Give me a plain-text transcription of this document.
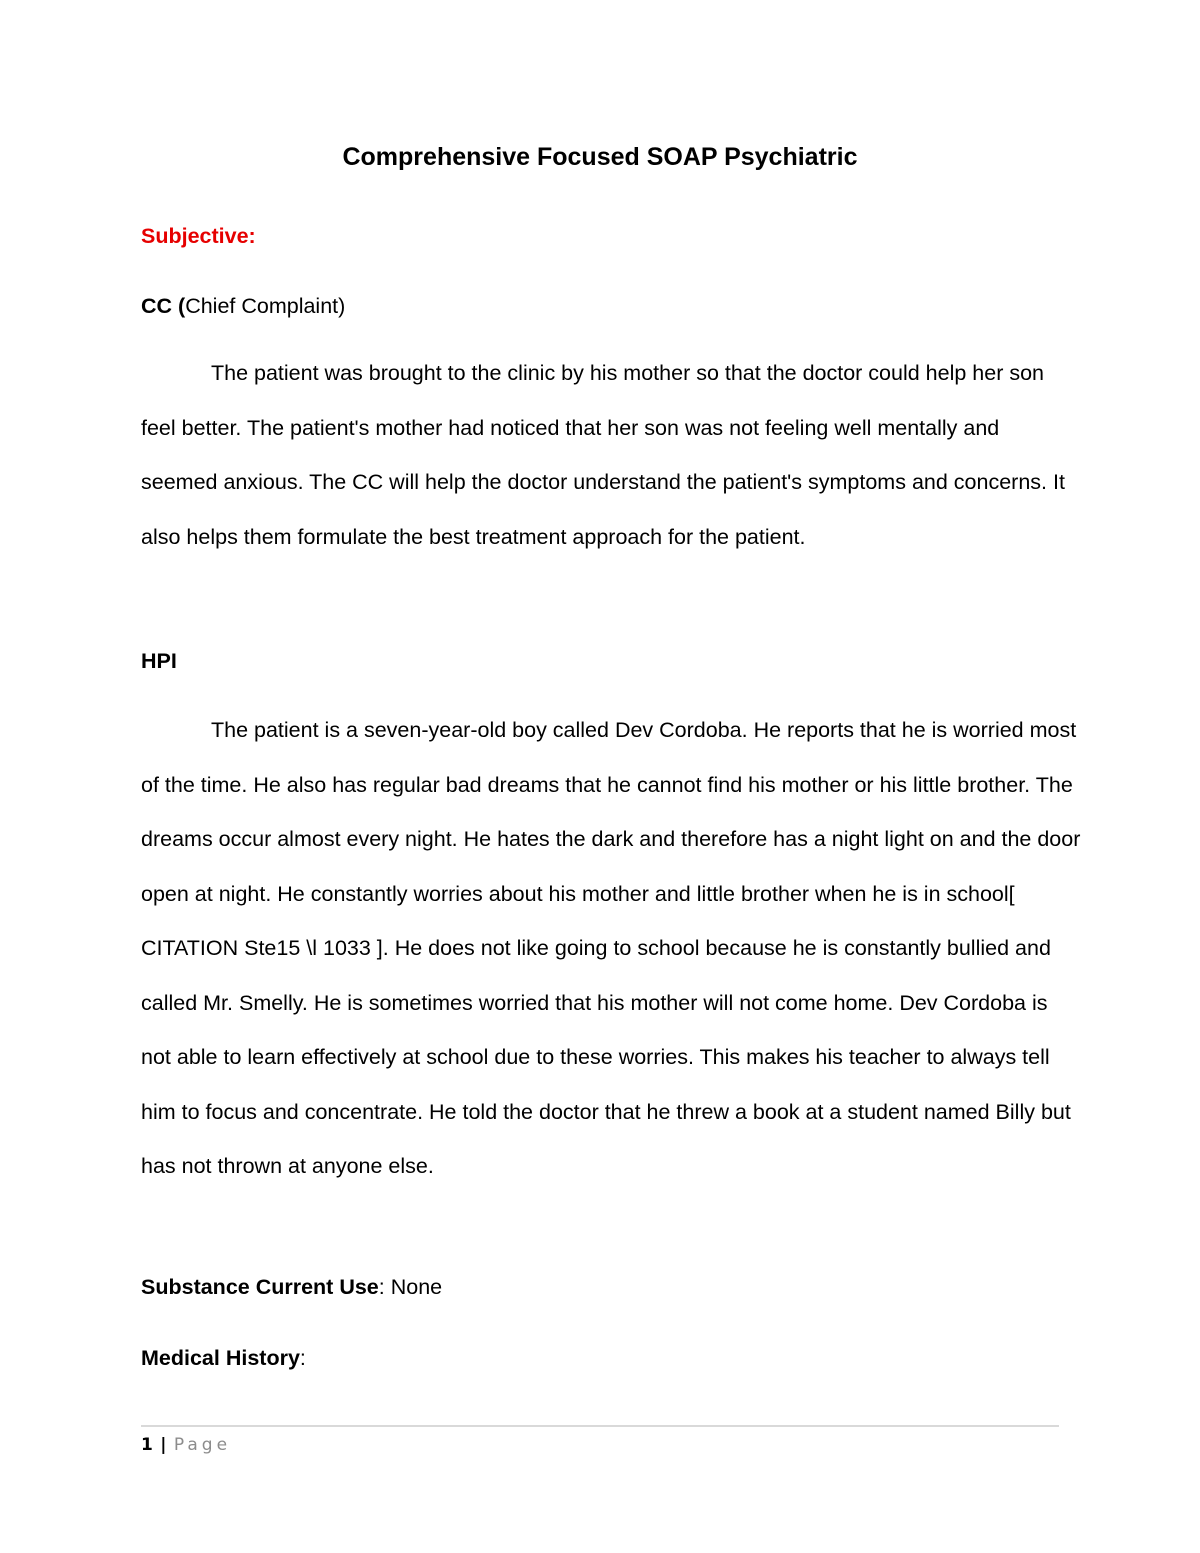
Comprehensive Focused SOAP Psychiatric
Subjective:
CC (Chief Complaint)
The patient was brought to the clinic by his mother so that the doctor could help her son feel better. The patient's mother had noticed that her son was not feeling well mentally and seemed anxious. The CC will help the doctor understand the patient's symptoms and concerns. It also helps them formulate the best treatment approach for the patient.
HPI
The patient is a seven-year-old boy called Dev Cordoba. He reports that he is worried most of the time. He also has regular bad dreams that he cannot find his mother or his little brother. The dreams occur almost every night. He hates the dark and therefore has a night light on and the door open at night. He constantly worries about his mother and little brother when he is in school[ CITATION Ste15 \l 1033 ]. He does not like going to school because he is constantly bullied and called Mr. Smelly. He is sometimes worried that his mother will not come home. Dev Cordoba is not able to learn effectively at school due to these worries. This makes his teacher to always tell him to focus and concentrate. He told the doctor that he threw a book at a student named Billy but has not thrown at anyone else.
Substance Current Use: None
Medical History:
1 | Page
